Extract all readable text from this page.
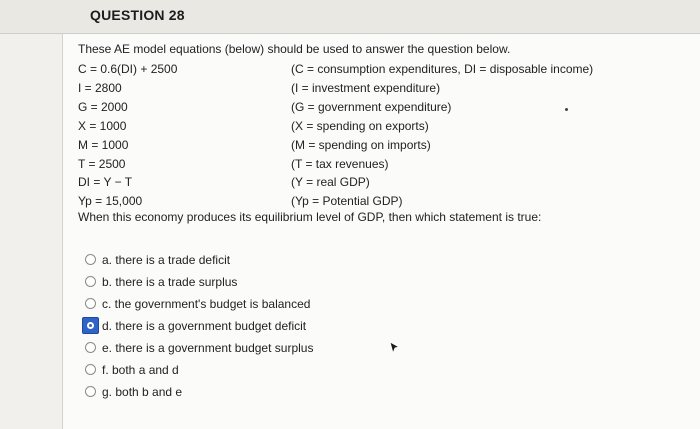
QUESTION 28
These AE model equations (below) should be used to answer the question below.
C = 0.6(DI) + 2500	(C = consumption expenditures, DI = disposable income)
I = 2800	(I = investment expenditure)
G = 2000	(G = government expenditure)
X = 1000	(X = spending on exports)
M = 1000	(M = spending on imports)
T = 2500	(T = tax revenues)
DI = Y − T	(Y = real GDP)
Yp = 15,000	(Yp = Potential GDP)
When this economy produces its equilibrium level of GDP, then which statement is true:
a. there is a trade deficit
b. there is a trade surplus
c. the government's budget is balanced
d. there is a government budget deficit
e. there is a government budget surplus
f. both a and d
g. both b and e
